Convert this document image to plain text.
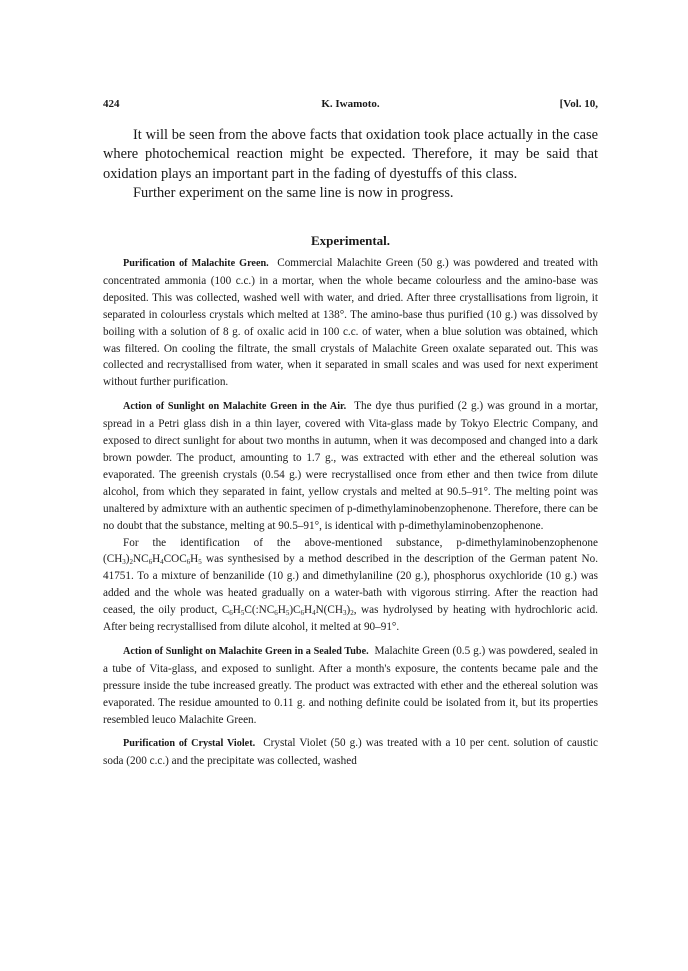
424	K. Iwamoto.	[Vol. 10,

It will be seen from the above facts that oxidation took place actually in the case where photochemical reaction might be expected. Therefore, it may be said that oxidation plays an important part in the fading of dyestuffs of this class.

Further experiment on the same line is now in progress.

Experimental.

Purification of Malachite Green. Commercial Malachite Green (50 g.) was powdered and treated with concentrated ammonia (100 c.c.) in a mortar, when the whole became colourless and the amino-base was deposited. This was collected, washed well with water, and dried. After three crystallisations from ligroin, it separated in colourless crystals which melted at 138°. The amino-base thus purified (10 g.) was dissolved by boiling with a solution of 8 g. of oxalic acid in 100 c.c. of water, when a blue solution was obtained, which was filtered. On cooling the filtrate, the small crystals of Malachite Green oxalate separated out. This was collected and recrystallised from water, when it separated in small scales and was used for next experiment without further purification.

Action of Sunlight on Malachite Green in the Air. The dye thus purified (2 g.) was ground in a mortar, spread in a Petri glass dish in a thin layer, covered with Vita-glass made by Tokyo Electric Company, and exposed to direct sunlight for about two months in autumn, when it was decomposed and changed into a dark brown powder. The product, amounting to 1.7 g., was extracted with ether and the ethereal solution was evaporated. The greenish crystals (0.54 g.) were recrystallised once from ether and then twice from dilute alcohol, from which they separated in faint, yellow crystals and melted at 90.5–91°. The melting point was unaltered by admixture with an authentic specimen of p-dimethylaminobenzophenone. Therefore, there can be no doubt that the substance, melting at 90.5–91°, is identical with p-dimethylaminobenzophenone.

For the identification of the above-mentioned substance, p-dimethylaminobenzophenone $(CH_3)_2NC_6H_4COC_6H_5$ was synthesised by a method described in the description of the German patent No. 41751. To a mixture of benzanilide (10 g.) and dimethylaniline (20 g.), phosphorus oxychloride (10 g.) was added and the whole was heated gradually on a water-bath with vigorous stirring. After the reaction had ceased, the oily product, $C_6H_5C(:NC_6H_5)C_6H_4N(CH_3)_2$, was hydrolysed by heating with hydrochloric acid. After being recrystallised from dilute alcohol, it melted at 90–91°.

Action of Sunlight on Malachite Green in a Sealed Tube. Malachite Green (0.5 g.) was powdered, sealed in a tube of Vita-glass, and exposed to sunlight. After a month's exposure, the contents became pale and the pressure inside the tube increased greatly. The product was extracted with ether and the ethereal solution was evaporated. The residue amounted to 0.11 g. and nothing definite could be isolated from it, but its properties resembled leuco Malachite Green.

Purification of Crystal Violet. Crystal Violet (50 g.) was treated with a 10 per cent. solution of caustic soda (200 c.c.) and the precipitate was collected, washed
